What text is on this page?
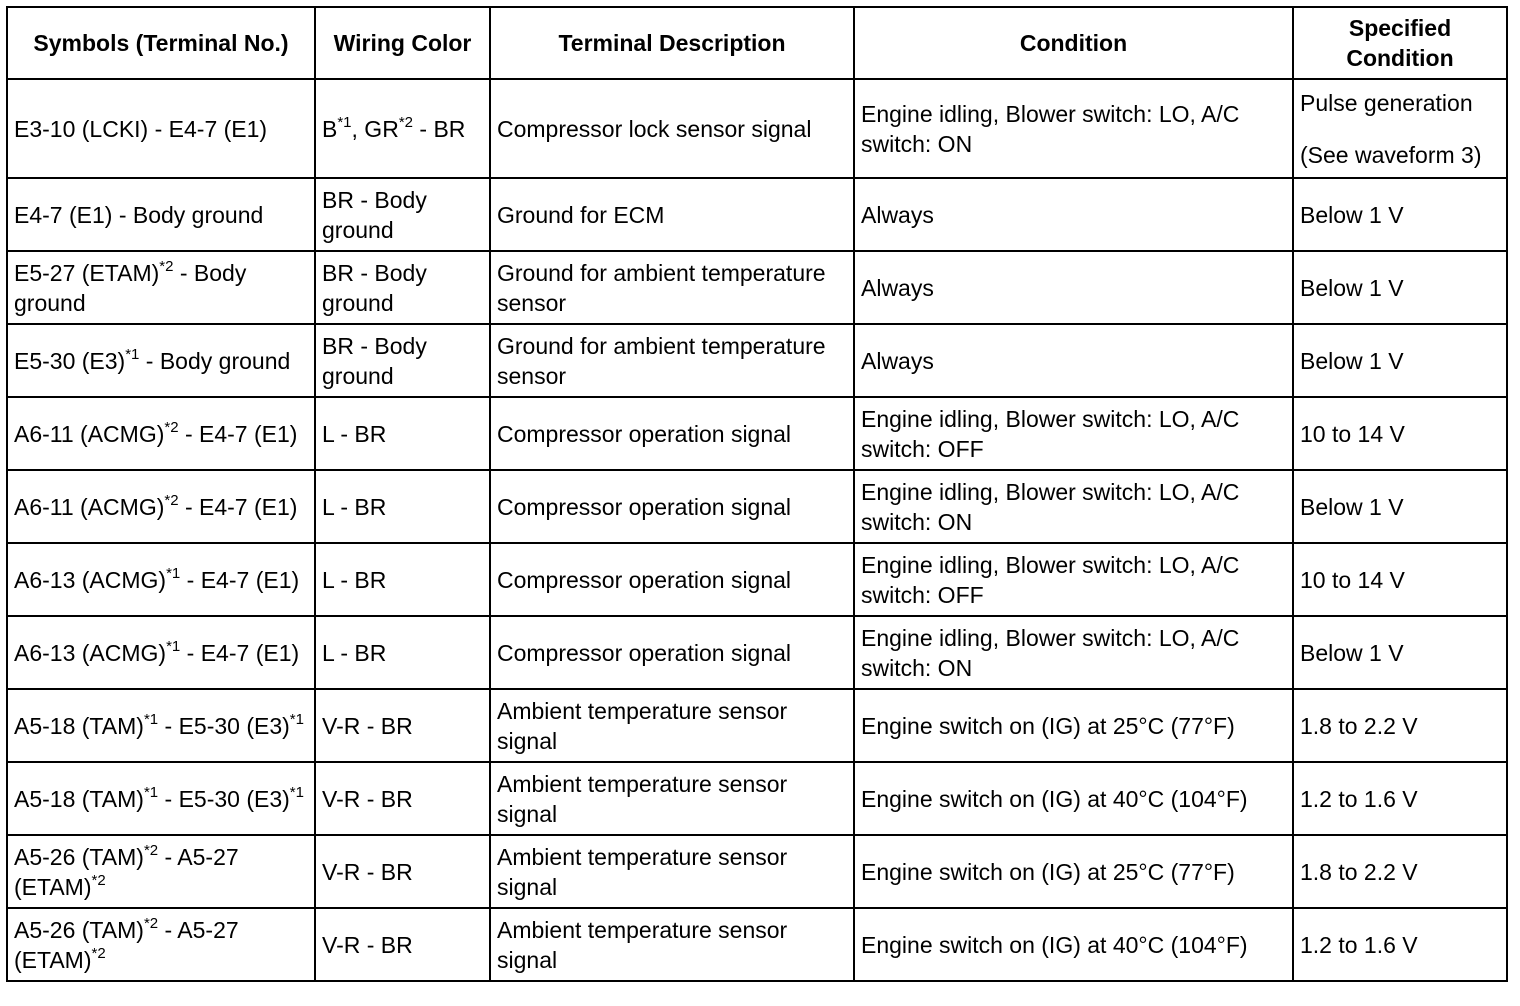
Symbols (Terminal No.)	Wiring Color	Terminal Description	Condition	Specified
Condition
E3-10 (LCKI) - E4-7 (E1)	$B^{*1}$, GR$^{*2}$ - BR	Compressor lock sensor signal	Engine idling, Blower switch: LO, A/C switch: ON	Pulse generation
(See waveform 3)

E4-7 (E1) - Body ground	BR - Body ground	Ground for ECM	Always	Below 1 V

E5-27 (ETAM)$^{*2}$ - Body ground	BR - Body ground	Ground for ambient temperature sensor	Always	Below 1 V

E5-30 $(E3)^{*1}$ - Body ground	BR - Body ground	Ground for ambient temperature sensor	Always	Below 1 V

A6-11 (ACMG)$^{*2}$ - E4-7 (E1)	L - BR	Compressor operation signal	Engine idling, Blower switch: LO, A/C switch: OFF	10 to 14 V

A6-11 (ACMG)$^{*2}$ - E4-7 (E1)	L - BR	Compressor operation signal	Engine idling, Blower switch: LO, A/C switch: ON	Below 1 V

A6-13 (ACMG)$^{*1}$ - E4-7 (E1)	L - BR	Compressor operation signal	Engine idling, Blower switch: LO, A/C switch: OFF	10 to 14 V

A6-13 (ACMG)$^{*1}$ - E4-7 (E1)	L - BR	Compressor operation signal	Engine idling, Blower switch: LO, A/C switch: ON	Below 1 V

A5-18 (TAM)$^{*1}$ - E5-30 $(E3)^{*1}$	V-R - BR	Ambient temperature sensor signal	Engine switch on (IG) at 25°C (77°F)	1.8 to 2.2 V

A5-18 (TAM)$^{*1}$ - E5-30 $(E3)^{*1}$	V-R - BR	Ambient temperature sensor signal	Engine switch on (IG) at 40°C (104°F)	1.2 to 1.6 V

A5-26 (TAM)$^{*2}$ - A5-27 (ETAM)$^{*2}$	V-R - BR	Ambient temperature sensor signal	Engine switch on (IG) at 25°C (77°F)	1.8 to 2.2 V

A5-26 (TAM)$^{*2}$ - A5-27 (ETAM)$^{*2}$	V-R - BR	Ambient temperature sensor signal	Engine switch on (IG) at 40°C (104°F)	1.2 to 1.6 V
